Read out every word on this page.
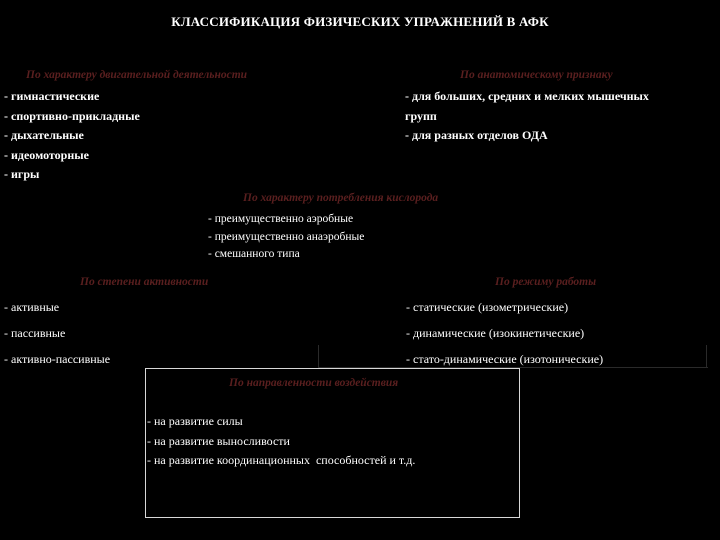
КЛАССИФИКАЦИЯ ФИЗИЧЕСКИХ УПРАЖНЕНИЙ В АФК
По характеру двигательной деятельности
- гимнастические
- спортивно-прикладные
- дыхательные
- идеомоторные
- игры
По анатомическому признаку
- для больших, средних и мелких мышечных
групп
- для разных отделов ОДА
По характеру потребления кислорода
- преимущественно аэробные
- преимущественно анаэробные
- смешанного типа
По степени активности	По режиму работы
- активные
- пассивные
- активно-пассивные
- статические (изометрические)
- динамические (изокинетические)
- стато-динамические (изотонические)
По направленности воздействия
- на развитие силы
- на развитие выносливости
- на развитие координационных  способностей и т.д.
